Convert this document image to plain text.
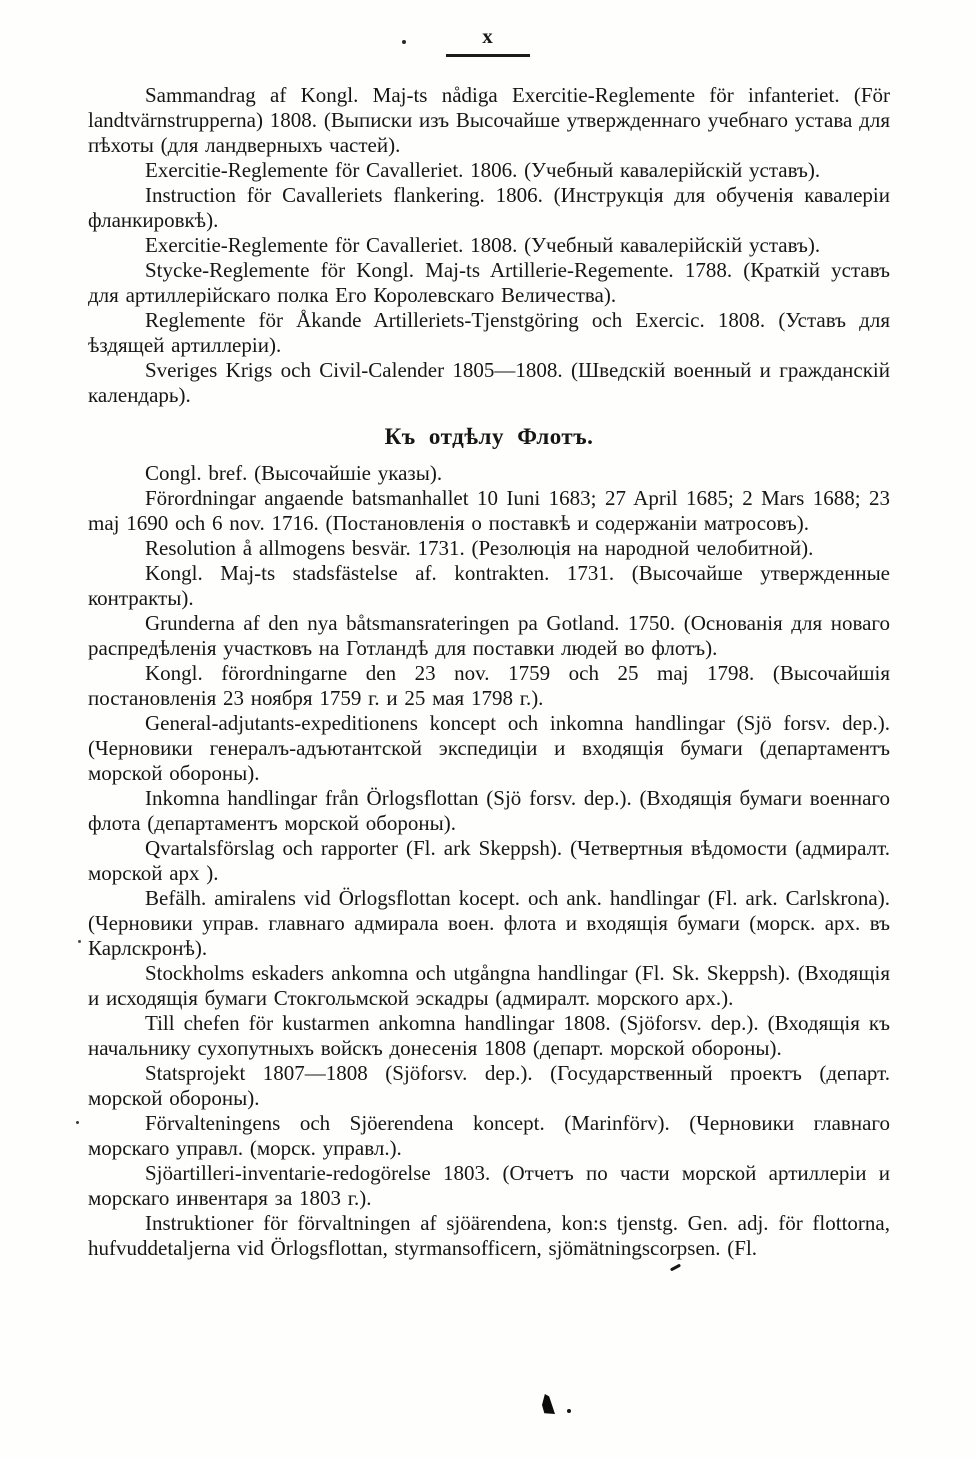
x

Sammandrag af Kongl. Maj-ts nådiga Exercitie-Reglemente för infanteriet. (För landtvärnstrupperna) 1808. (Выписки изъ Высочайше утвержденнаго учебнаго устава для пѣхоты (для ландверныхъ частей).

Exercitie-Reglemente för Cavalleriet. 1806. (Учебный кавалерійскій уставъ).

Instruction för Cavalleriets flankering. 1806. (Инструкція для обученія кавалеріи фланкировкѣ).

Exercitie-Reglemente för Cavalleriet. 1808. (Учебный кавалерійскій уставъ).

Stycke-Reglemente för Kongl. Maj-ts Artillerie-Regemente. 1788. (Краткій уставъ для артиллерійскаго полка Его Королевскаго Величества).

Reglemente för Åkande Artilleriets-Tjenstgöring och Exercic. 1808. (Уставъ для ѣздящей артиллеріи).

Sveriges Krigs och Civil-Calender 1805—1808. (Шведскій военный и гражданскій календарь).

Къ отдѣлу Флотъ.

Congl. bref. (Высочайшіе указы).

Förordningar angaende batsmanhallet 10 Iuni 1683; 27 April 1685; 2 Mars 1688; 23 maj 1690 och 6 nov. 1716. (Постановленія о поставкѣ и содержаніи матросовъ).

Resolution å allmogens besvär. 1731. (Резолюція на народной челобитной).

Kongl. Maj-ts stadsfästelse af. kontrakten. 1731. (Высочайше утвержденные контракты).

Grunderna af den nya båtsmansrateringen pa Gotland. 1750. (Основанія для новаго распредѣленія участковъ на Готландѣ для поставки людей во флотъ).

Kongl. förordningarne den 23 nov. 1759 och 25 maj 1798. (Высочайшія постановленія 23 ноября 1759 г. и 25 мая 1798 г.).

General-adjutants-expeditionens koncept och inkomna handlingar (Sjö forsv. dep.). (Черновики генералъ-адъютантской экспедиціи и входящія бумаги (департаментъ морской обороны).

Inkomna handlingar från Örlogsflottan (Sjö forsv. dep.). (Входящія бумаги военнаго флота (департаментъ морской обороны).

Qvartalsförslag och rapporter (Fl. ark Skeppsh). (Четвертныя вѣдомости (адмиралт. морской арх ).

Befälh. amiralens vid Örlogsflottan kocept. och ank. handlingar (Fl. ark. Carlskrona). (Черновики управ. главнаго адмирала воен. флота и входящія бумаги (морск. арх. въ Карлскронѣ).

Stockholms eskaders ankomna och utgångna handlingar (Fl. Sk. Skeppsh). (Входящія и исходящія бумаги Стокгольмской эскадры (адмиралт. морского арх.).

Till chefen för kustarmen ankomna handlingar 1808. (Sjöforsv. dep.). (Входящія къ начальнику сухопутныхъ войскъ донесенія 1808 (департ. морской обороны).

Statsprojekt 1807—1808 (Sjöforsv. dep.). (Государственный проектъ (департ. морской обороны).

Förvalteningens och Sjöerendena koncept. (Marinförv). (Черновики главнаго морскаго управл. (морск. управл.).

Sjöartilleri-inventarie-redogörelse 1803. (Отчетъ по части морской артиллеріи и морскаго инвентаря за 1803 г.).

Instruktioner för förvaltningen af sjöärendena, kon:s tjenstg. Gen. adj. för flottorna, hufvuddetaljerna vid Örlogsflottan, styrmansofficern, sjömätningscorpsen. (Fl.
